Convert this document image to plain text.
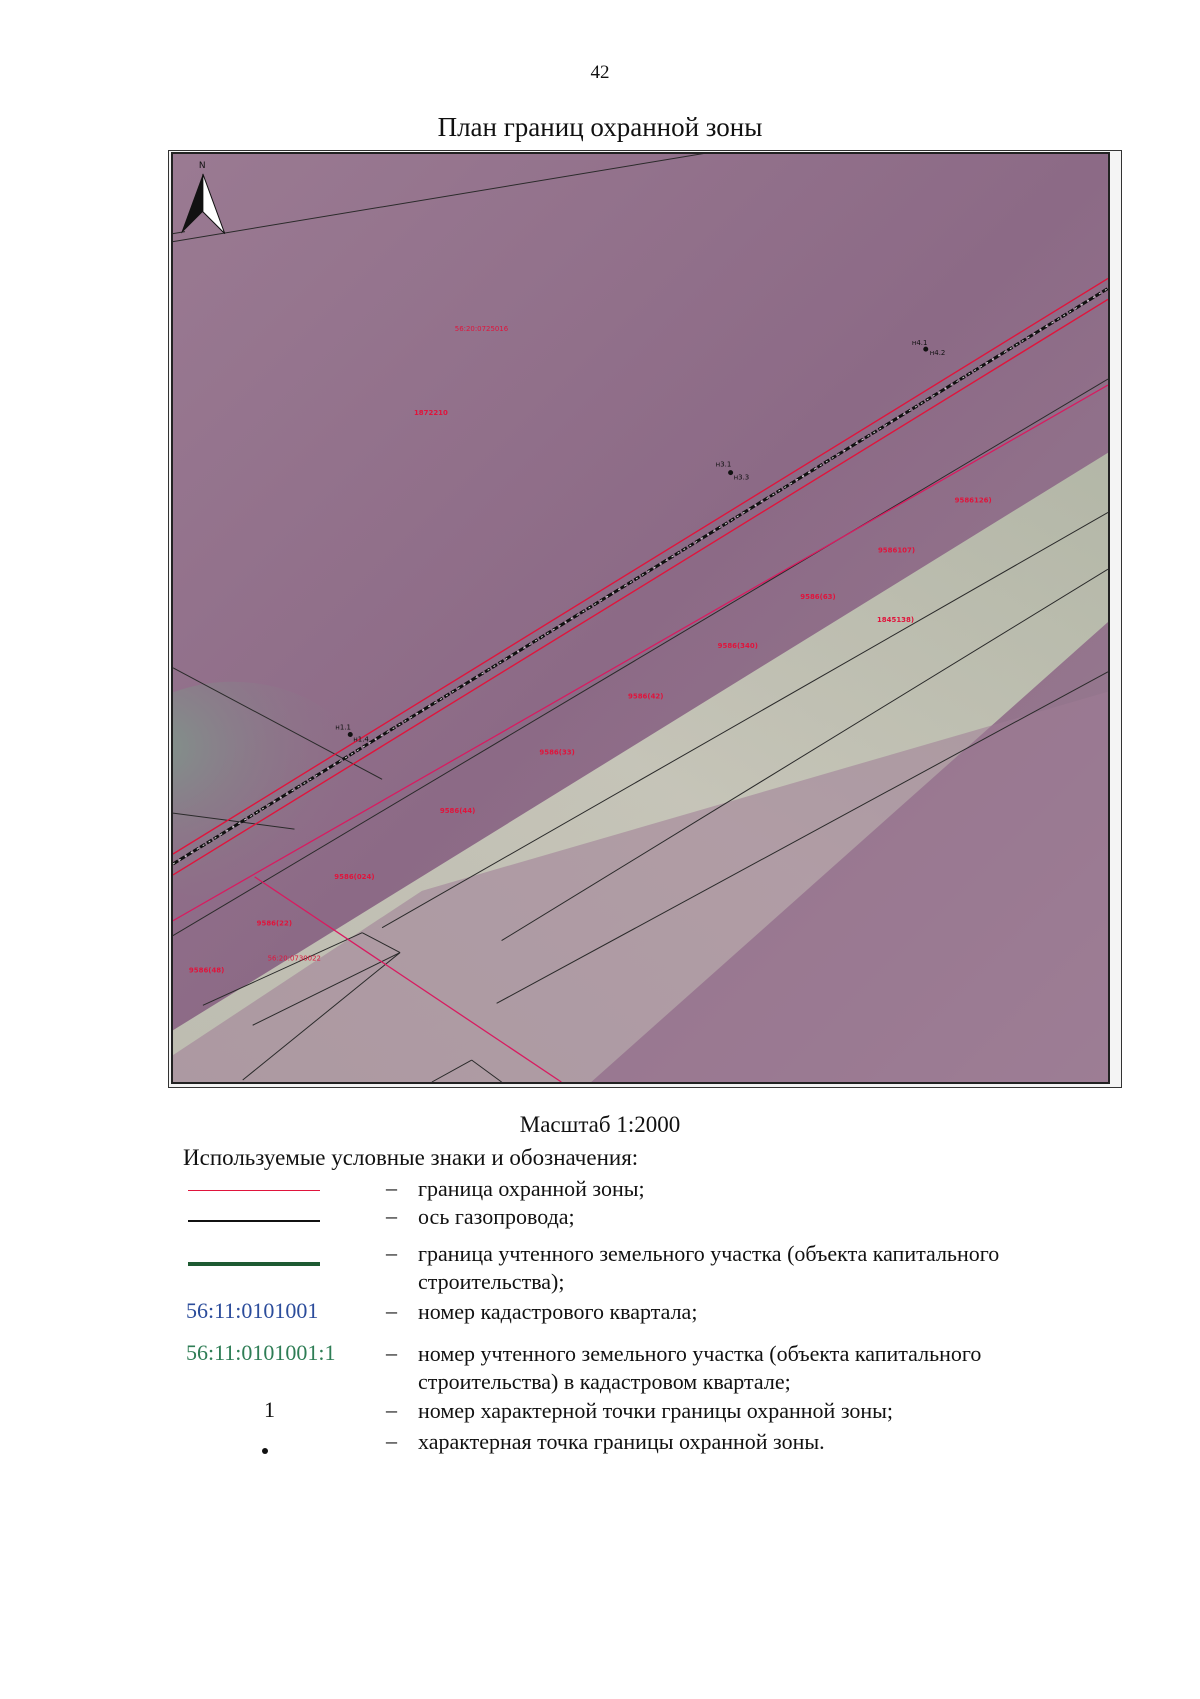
42
План границ охранной зоны
н4.1
н4.2
н3.1
н3.3
н1.1
н1.4
56:20:0725016
56:20:0730022
1872210
9586126)
9586107)
9586(63)
1845138)
9586(340)
9586(42)
9586(33)
9586(44)
9586(024)
9586(22)
9586(48)
N
Масштаб 1:2000
Используемые условные знаки и обозначения:
– граница охранной зоны;
– ось газопровода;
– граница учтенного земельного участка (объекта капитального строительства);
56:11:0101001	– номер кадастрового квартала;
56:11:0101001:1 – номер учтенного земельного участка (объекта капитального строительства) в кадастровом квартале;
1	– номер характерной точки границы охранной зоны;
– характерная точка границы охранной зоны.
